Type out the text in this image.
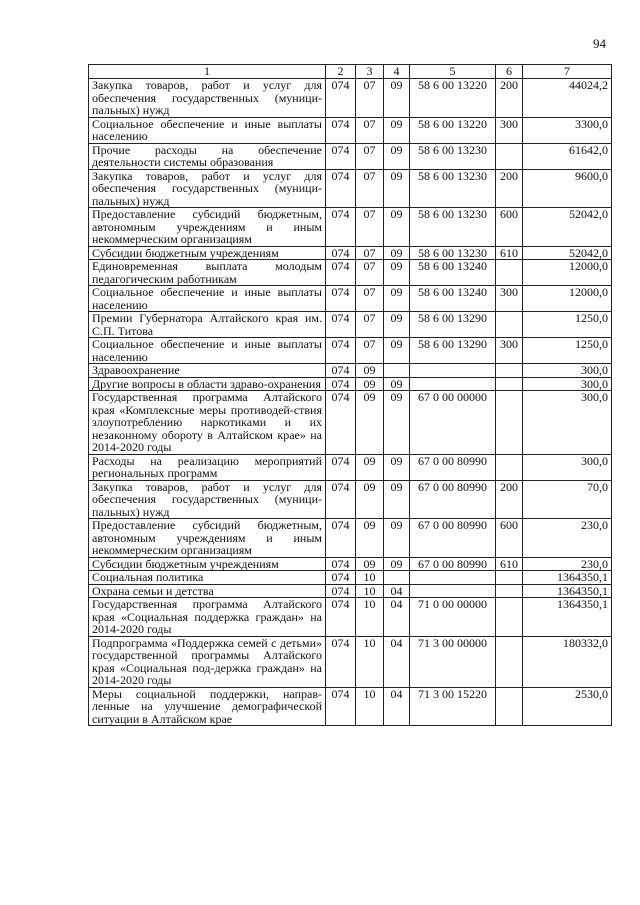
94
1	2	3	4	5	6	7
Закупка товаров, работ и услуг для обеспечения государственных (муници-пальных) нужд	074	07	09	58 6 00 13220	200	44024,2
Социальное обеспечение и иные выплаты населению	074	07	09	58 6 00 13220	300	3300,0
Прочие расходы на обеспечение деятельности системы образования	074	07	09	58 6 00 13230		61642,0
Закупка товаров, работ и услуг для обеспечения государственных (муници-пальных) нужд	074	07	09	58 6 00 13230	200	9600,0
Предоставление субсидий бюджетным, автономным учреждениям и иным некоммерческим организациям	074	07	09	58 6 00 13230	600	52042,0
Субсидии бюджетным учреждениям	074	07	09	58 6 00 13230	610	52042,0
Единовременная выплата молодым педагогическим работникам	074	07	09	58 6 00 13240		12000,0
Социальное обеспечение и иные выплаты населению	074	07	09	58 6 00 13240	300	12000,0
Премии Губернатора Алтайского края им. С.П. Титова	074	07	09	58 6 00 13290		1250,0
Социальное обеспечение и иные выплаты населению	074	07	09	58 6 00 13290	300	1250,0
Здравоохранение	074	09				300,0
Другие вопросы в области здраво-охранения	074	09	09			300,0
Государственная программа Алтайского края «Комплексные меры противодей-ствия злоупотреблению наркотиками и их незаконному обороту в Алтайском крае» на 2014-2020 годы	074	09	09	67 0 00 00000		300,0
Расходы на реализацию мероприятий региональных программ	074	09	09	67 0 00 80990		300,0
Закупка товаров, работ и услуг для обеспечения государственных (муници-пальных) нужд	074	09	09	67 0 00 80990	200	70,0
Предоставление субсидий бюджетным, автономным учреждениям и иным некоммерческим организациям	074	09	09	67 0 00 80990	600	230,0
Субсидии бюджетным учреждениям	074	09	09	67 0 00 80990	610	230,0
Социальная политика	074	10				1364350,1
Охрана семьи и детства	074	10	04			1364350,1
Государственная программа Алтайского края «Социальная поддержка граждан» на 2014-2020 годы	074	10	04	71 0 00 00000		1364350,1
Подпрограмма «Поддержка семей с детьми» государственной программы Алтайского края «Социальная под-держка граждан» на 2014-2020 годы	074	10	04	71 3 00 00000		180332,0
Меры социальной поддержки, направ-ленные на улучшение демографической ситуации в Алтайском крае	074	10	04	71 3 00 15220		2530,0
